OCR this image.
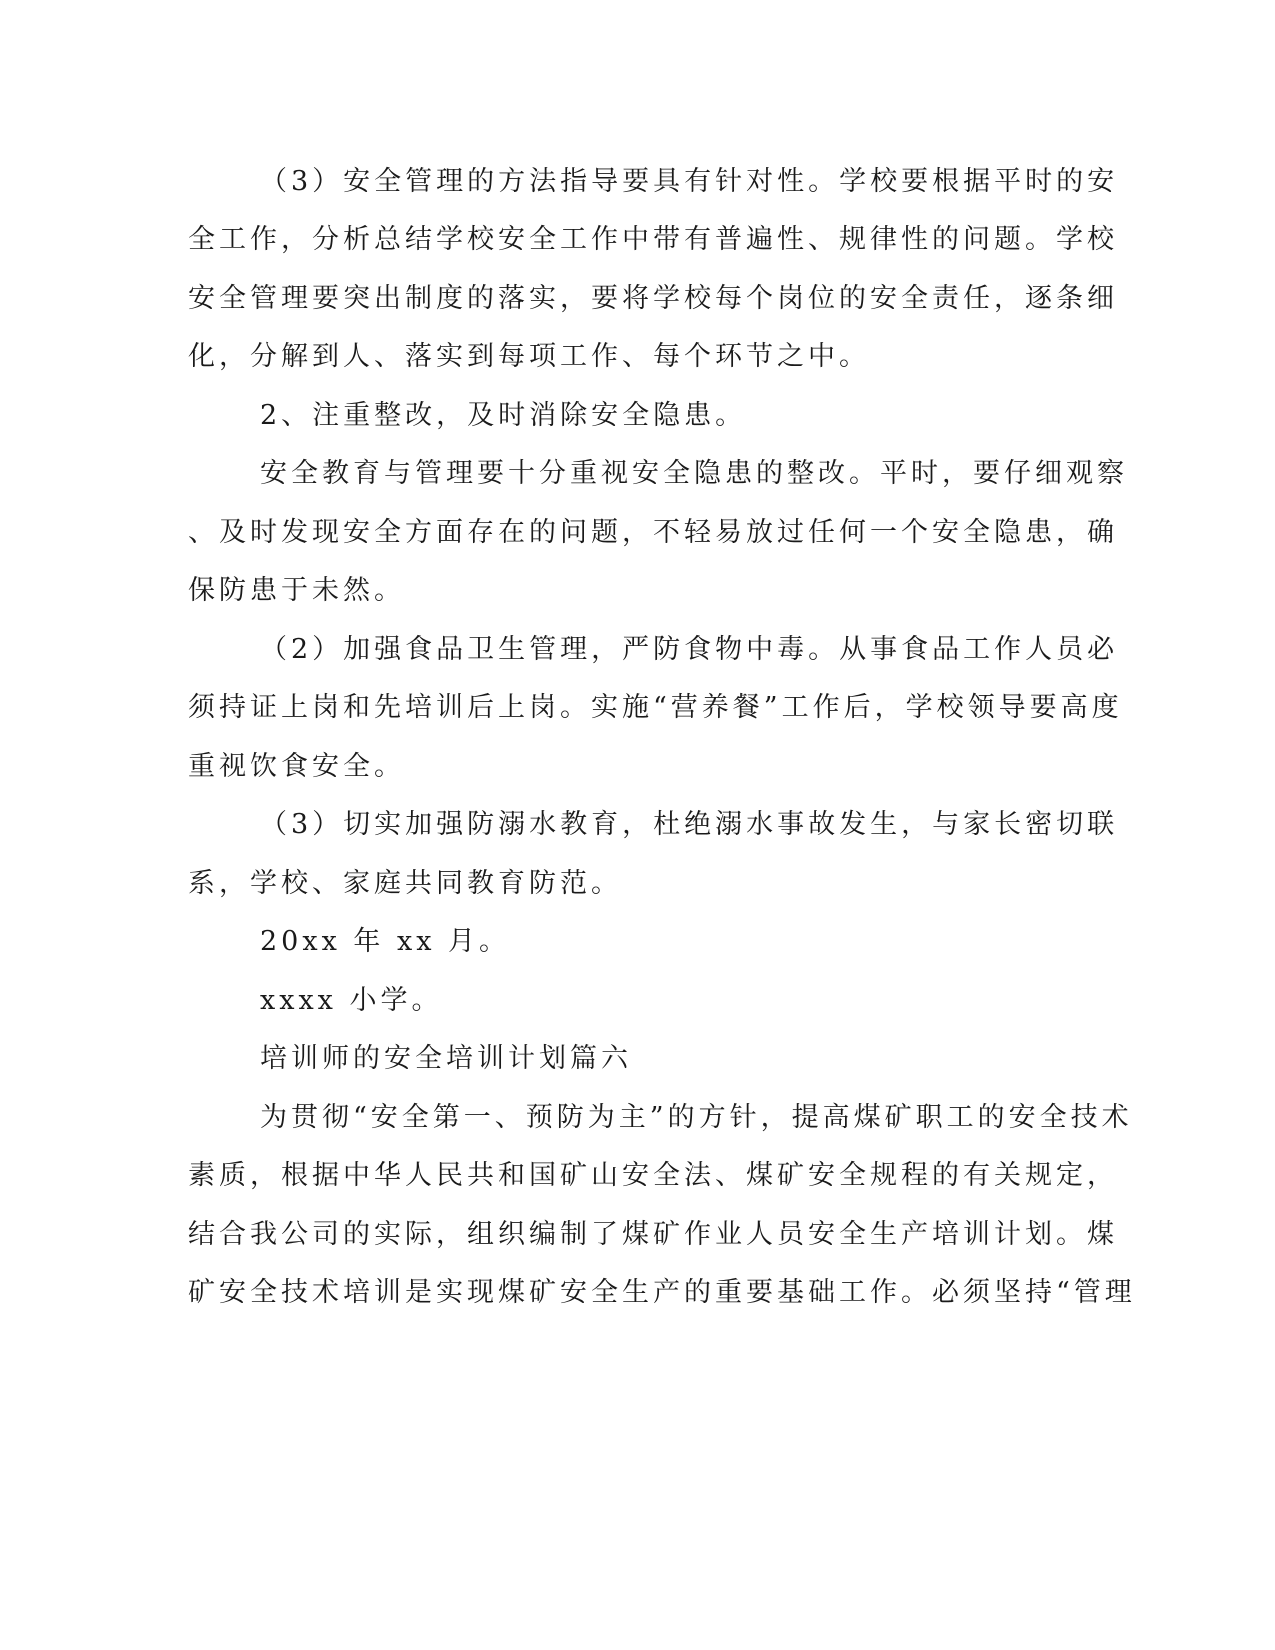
（3）安全管理的方法指导要具有针对性。学校要根据平时的安
全工作，分析总结学校安全工作中带有普遍性、规律性的问题。学校
安全管理要突出制度的落实，要将学校每个岗位的安全责任，逐条细
化，分解到人、落实到每项工作、每个环节之中。
2、注重整改，及时消除安全隐患。
安全教育与管理要十分重视安全隐患的整改。平时，要仔细观察
、及时发现安全方面存在的问题，不轻易放过任何一个安全隐患，确
保防患于未然。
（2）加强食品卫生管理，严防食物中毒。从事食品工作人员必
须持证上岗和先培训后上岗。实施“营养餐”工作后，学校领导要高度
重视饮食安全。
（3）切实加强防溺水教育，杜绝溺水事故发生，与家长密切联
系，学校、家庭共同教育防范。
20xx 年 xx 月。
xxxx 小学。
培训师的安全培训计划篇六
为贯彻“安全第一、预防为主”的方针，提高煤矿职工的安全技术
素质，根据中华人民共和国矿山安全法、煤矿安全规程的有关规定，
结合我公司的实际，组织编制了煤矿作业人员安全生产培训计划。煤
矿安全技术培训是实现煤矿安全生产的重要基础工作。必须坚持“管理
